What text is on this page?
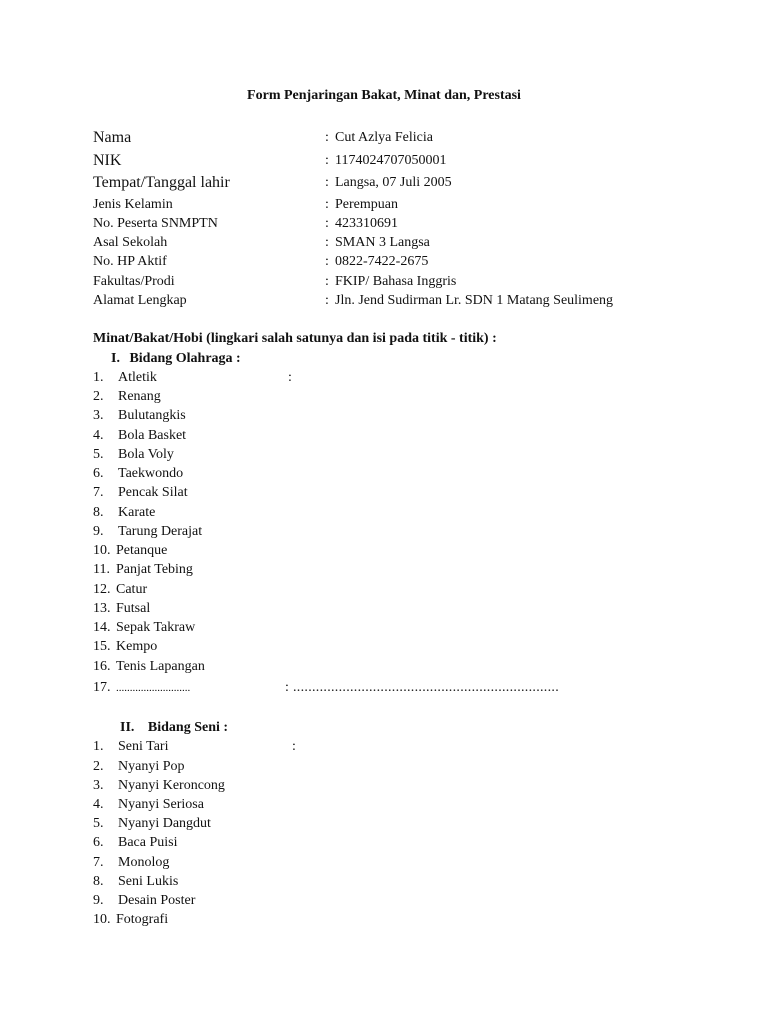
Form Penjaringan Bakat, Minat dan, Prestasi
Nama	: Cut Azlya Felicia
NIK	: 1174024707050001
Tempat/Tanggal lahir	: Langsa, 07 Juli 2005
Jenis Kelamin	: Perempuan
No. Peserta SNMPTN	: 423310691
Asal Sekolah	: SMAN 3 Langsa
No. HP Aktif	: 0822-7422-2675
Fakultas/Prodi	: FKIP/ Bahasa Inggris
Alamat Lengkap	: Jln. Jend Sudirman Lr. SDN 1 Matang Seulimeng
Minat/Bakat/Hobi (lingkari salah satunya dan isi pada titik - titik) :
I. Bidang Olahraga :
1. Atletik	:
2. Renang
3. Bulutangkis
4. Bola Basket
5. Bola Voly
6. Taekwondo
7. Pencak Silat
8. Karate
9. Tarung Derajat
10. Petanque
11. Panjat Tebing
12. Catur
13. Futsal
14. Sepak Takraw
15. Kempo
16. Tenis Lapangan
17. ...........................	: ......................................................................
II. Bidang Seni :
1. Seni Tari	:
2. Nyanyi Pop
3. Nyanyi Keroncong
4. Nyanyi Seriosa
5. Nyanyi Dangdut
6. Baca Puisi
7. Monolog
8. Seni Lukis
9. Desain Poster
10. Fotografi
